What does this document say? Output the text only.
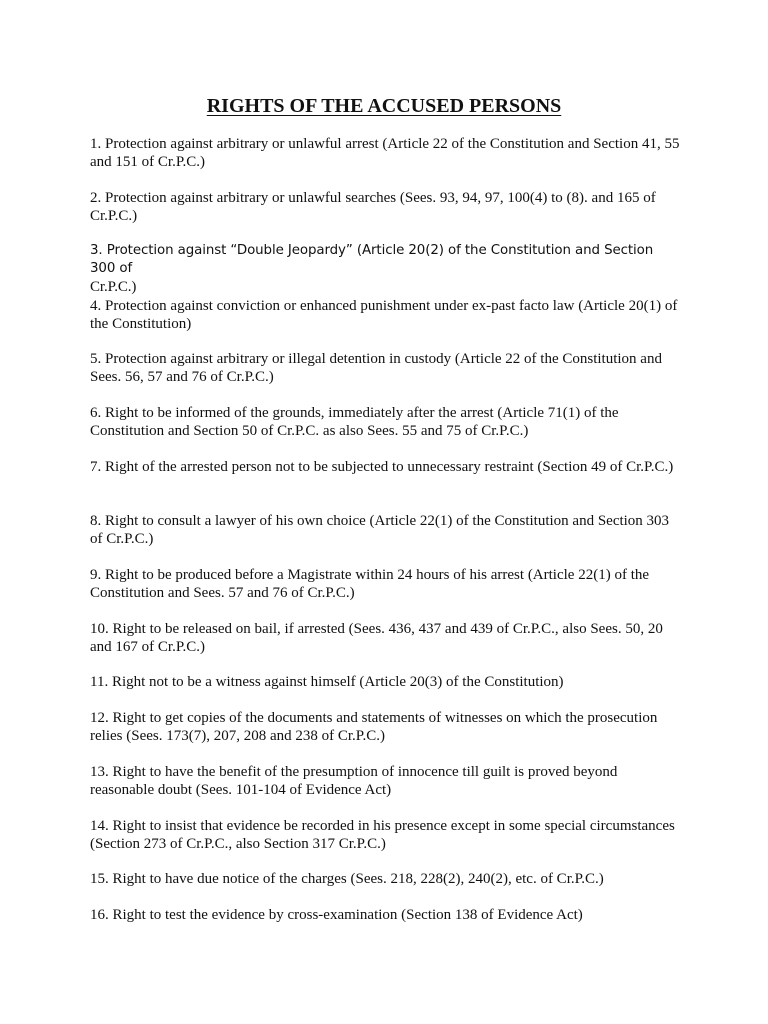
RIGHTS OF THE ACCUSED PERSONS

1. Protection against arbitrary or unlawful arrest (Article 22 of the Constitution and Section 41, 55 and 151 of Cr.P.C.)

2. Protection against arbitrary or unlawful searches (Sees. 93, 94, 97, 100(4) to (8). and 165 of Cr.P.C.)

3. Protection against “Double Jeopardy” (Article 20(2) of the Constitution and Section 300 of
Cr.P.C.)

4. Protection against conviction or enhanced punishment under ex-past facto law (Article 20(1) of the Constitution)

5. Protection against arbitrary or illegal detention in custody (Article 22 of the Constitution and Sees. 56, 57 and 76 of Cr.P.C.)

6. Right to be informed of the grounds, immediately after the arrest (Article 71(1) of the Constitution and Section 50 of Cr.P.C. as also Sees. 55 and 75 of Cr.P.C.)

7. Right of the arrested person not to be subjected to unnecessary restraint (Section 49 of Cr.P.C.)

8. Right to consult a lawyer of his own choice (Article 22(1) of the Constitution and Section 303 of Cr.P.C.)

9. Right to be produced before a Magistrate within 24 hours of his arrest (Article 22(1) of the Constitution and Sees. 57 and 76 of Cr.P.C.)

10. Right to be released on bail, if arrested (Sees. 436, 437 and 439 of Cr.P.C., also Sees. 50, 20 and 167 of Cr.P.C.)

11. Right not to be a witness against himself (Article 20(3) of the Constitution)

12. Right to get copies of the documents and statements of witnesses on which the prosecution relies (Sees. 173(7), 207, 208 and 238 of Cr.P.C.)

13. Right to have the benefit of the presumption of innocence till guilt is proved beyond reasonable doubt (Sees. 101-104 of Evidence Act)

14. Right to insist that evidence be recorded in his presence except in some special circumstances (Section 273 of Cr.P.C., also Section 317 Cr.P.C.)

15. Right to have due notice of the charges (Sees. 218, 228(2), 240(2), etc. of Cr.P.C.)

16. Right to test the evidence by cross-examination (Section 138 of Evidence Act)
